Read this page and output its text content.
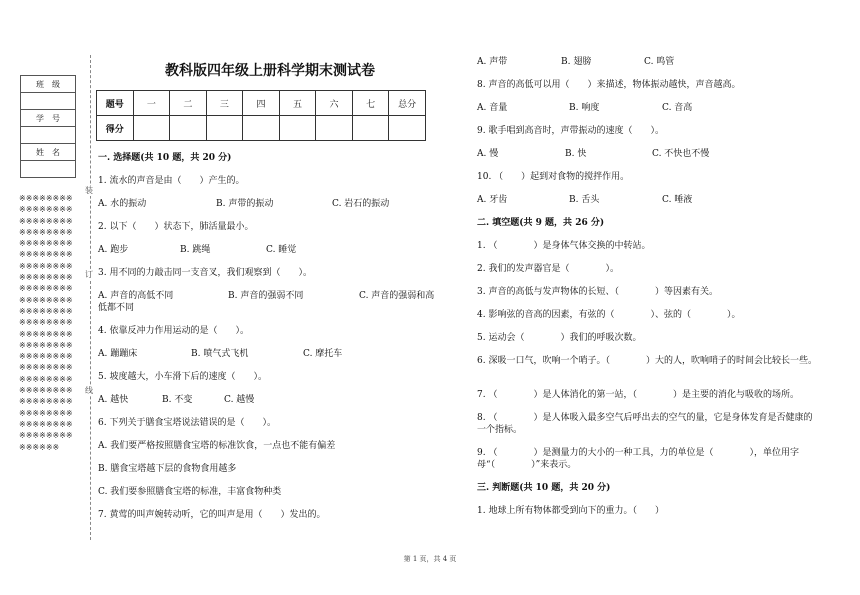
班　级

学　号

姓　名

※※※※※※※※※※※※※※※※※※※※※※※※※※※※※※※※※※※※※※※※※※※※※※※※※※※※※※※※※※※※※※※※※※※※※※※※※※※※※※※※※※※※※※※※※※※※※※※※※※※※※※※※※※※※※※※※※※※※※※※※※※※※※※※※※※※※※※※※※※※※※※※※※※※※※※※※※※※※※※※※※※※※※※※※※※※※※※※※※※※※※※
装
订
线
教科版四年级上册科学期末测试卷
题号	一	二	三	四	五	六	七	总分
得分								
一. 选择题(共 10 题，共 20 分)
1. 流水的声音是由（　　）产生的。
A. 水的振动	B. 声带的振动	C. 岩石的振动
2. 以下（　　）状态下，肺活量最小。
A. 跑步	B. 跳绳	C. 睡觉
3. 用不同的力敲击同一支音叉，我们观察到（　　）。
A. 声音的高低不同	B. 声音的强弱不同	C. 声音的强弱和高
低都不同
4. 依靠反冲力作用运动的是（　　）。
A. 蹦蹦床	B. 喷气式飞机	C. 摩托车
5. 坡度越大，小车滑下后的速度（　　）。
A. 越快	B. 不变	C. 越慢
6. 下列关于膳食宝塔说法错误的是（　　）。
A. 我们要严格按照膳食宝塔的标准饮食，一点也不能有偏差
B. 膳食宝塔越下层的食物食用越多
C. 我们要参照膳食宝塔的标准，丰富食物种类
7. 黄莺的叫声婉转动听，它的叫声是用（　　）发出的。
A. 声带	B. 翅膀	C. 鸣管
8. 声音的高低可以用（　　）来描述，物体振动越快，声音越高。
A. 音量	B. 响度	C. 音高
9. 歌手唱到高音时，声带振动的速度（　　）。
A. 慢	B. 快	C. 不快也不慢
10. （　　）起到对食物的搅拌作用。
A. 牙齿	B. 舌头	C. 唾液
二. 填空题(共 9 题，共 26 分)
1. （　　　　）是身体气体交换的中转站。
2. 我们的发声器官是（　　　　）。
3. 声音的高低与发声物体的长短、（　　　　）等因素有关。
4. 影响弦的音高的因素，有弦的（　　　　）、弦的（　　　　）。
5. 运动会（　　　　）我们的呼吸次数。
6. 深吸一口气，吹响一个哨子。（　　　　）大的人，吹响哨子的时间会比较长一些。
7. （　　　　）是人体消化的第一站，（　　　　）是主要的消化与吸收的场所。
8. （　　　　）是人体吸入最多空气后呼出去的空气的量，它是身体发育是否健康的一个指标。
9. （　　　　）是测量力的大小的一种工具，力的单位是（　　　　），单位用字母“（　　　　）”来表示。
三. 判断题(共 10 题，共 20 分)
1. 地球上所有物体都受到向下的重力。（　　）
第 1 页，共 4 页
